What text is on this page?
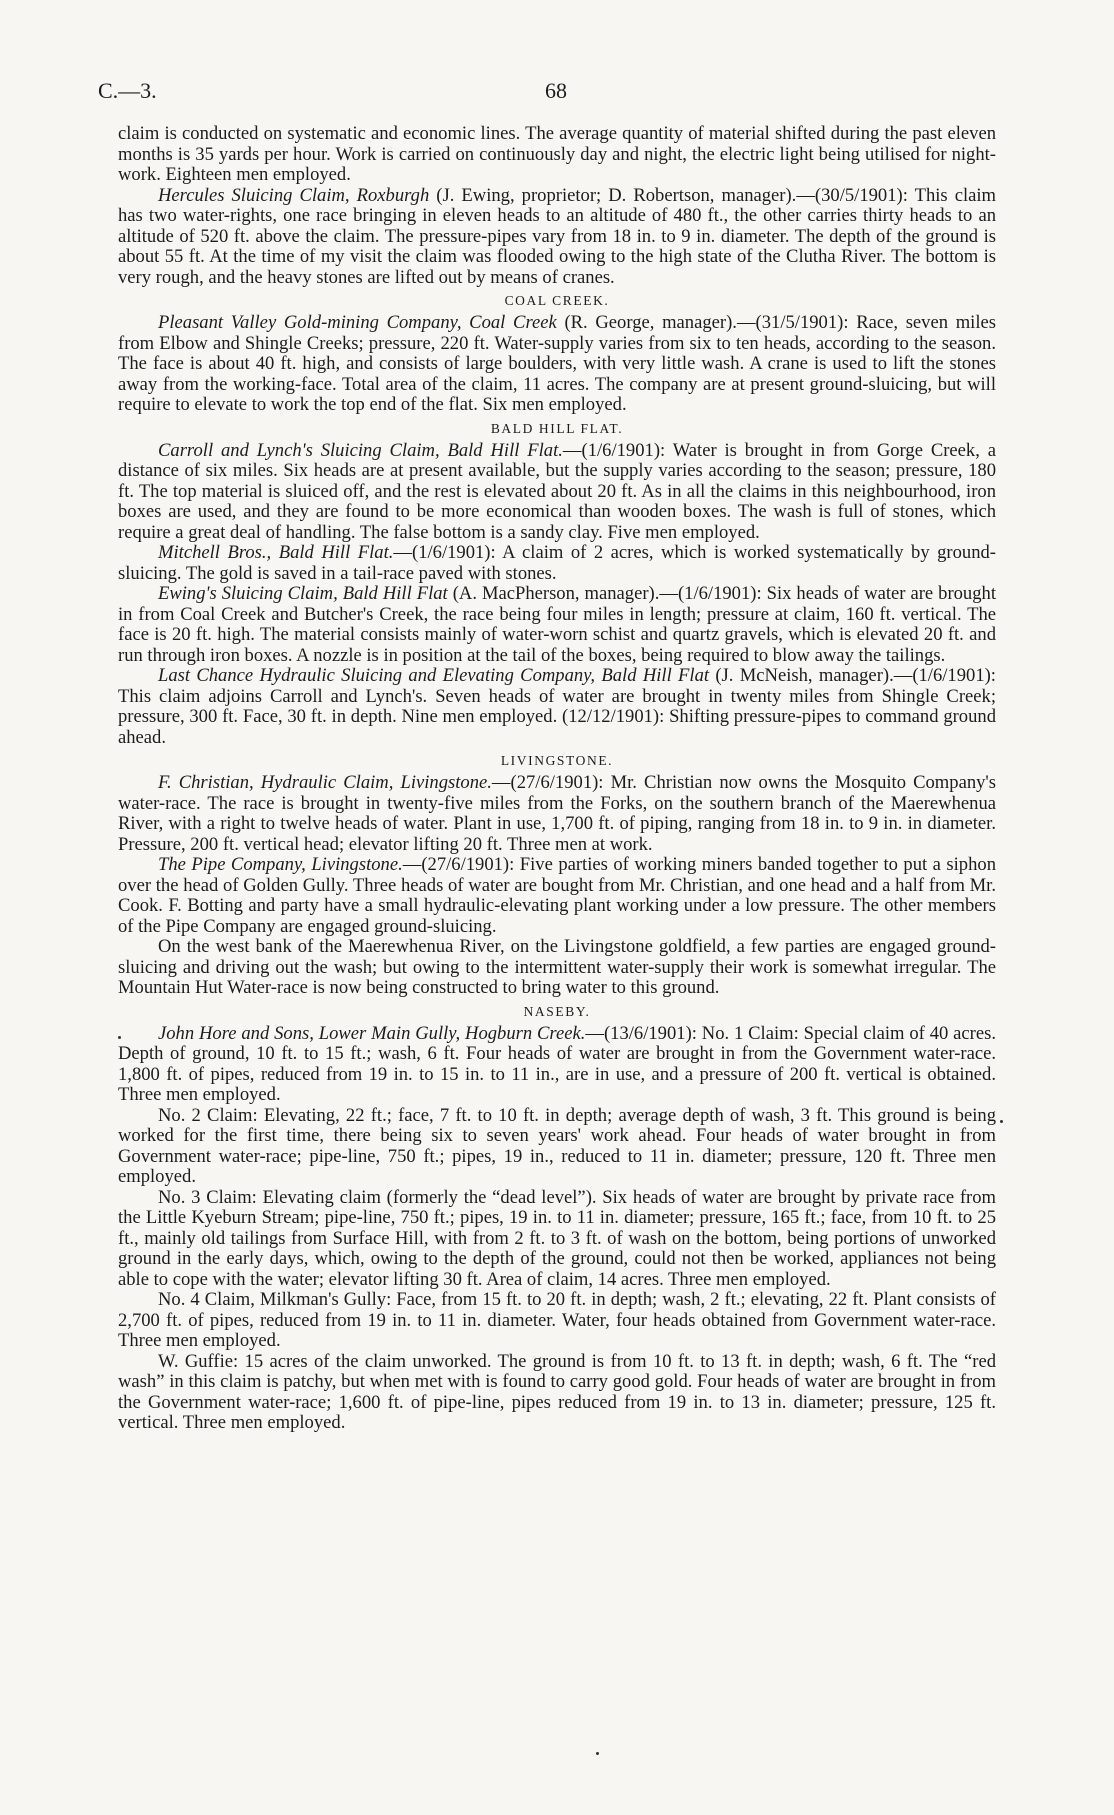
C.—3.	68

claim is conducted on systematic and economic lines. The average quantity of material shifted during the past eleven months is 35 yards per hour. Work is carried on continuously day and night, the electric light being utilised for night-work. Eighteen men employed.

Hercules Sluicing Claim, Roxburgh (J. Ewing, proprietor; D. Robertson, manager).—(30/5/1901): This claim has two water-rights, one race bringing in eleven heads to an altitude of 480 ft., the other carries thirty heads to an altitude of 520 ft. above the claim. The pressure-pipes vary from 18 in. to 9 in. diameter. The depth of the ground is about 55 ft. At the time of my visit the claim was flooded owing to the high state of the Clutha River. The bottom is very rough, and the heavy stones are lifted out by means of cranes.

COAL CREEK.

Pleasant Valley Gold-mining Company, Coal Creek (R. George, manager).—(31/5/1901): Race, seven miles from Elbow and Shingle Creeks; pressure, 220 ft. Water-supply varies from six to ten heads, according to the season. The face is about 40 ft. high, and consists of large boulders, with very little wash. A crane is used to lift the stones away from the working-face. Total area of the claim, 11 acres. The company are at present ground-sluicing, but will require to elevate to work the top end of the flat. Six men employed.

BALD HILL FLAT.

Carroll and Lynch's Sluicing Claim, Bald Hill Flat.—(1/6/1901): Water is brought in from Gorge Creek, a distance of six miles. Six heads are at present available, but the supply varies according to the season; pressure, 180 ft. The top material is sluiced off, and the rest is elevated about 20 ft. As in all the claims in this neighbourhood, iron boxes are used, and they are found to be more economical than wooden boxes. The wash is full of stones, which require a great deal of handling. The false bottom is a sandy clay. Five men employed.

Mitchell Bros., Bald Hill Flat.—(1/6/1901): A claim of 2 acres, which is worked systematically by ground-sluicing. The gold is saved in a tail-race paved with stones.

Ewing's Sluicing Claim, Bald Hill Flat (A. MacPherson, manager).—(1/6/1901): Six heads of water are brought in from Coal Creek and Butcher's Creek, the race being four miles in length; pressure at claim, 160 ft. vertical. The face is 20 ft. high. The material consists mainly of water-worn schist and quartz gravels, which is elevated 20 ft. and run through iron boxes. A nozzle is in position at the tail of the boxes, being required to blow away the tailings.

Last Chance Hydraulic Sluicing and Elevating Company, Bald Hill Flat (J. McNeish, manager).—(1/6/1901): This claim adjoins Carroll and Lynch's. Seven heads of water are brought in twenty miles from Shingle Creek; pressure, 300 ft. Face, 30 ft. in depth. Nine men employed. (12/12/1901): Shifting pressure-pipes to command ground ahead.

LIVINGSTONE.

F. Christian, Hydraulic Claim, Livingstone.—(27/6/1901): Mr. Christian now owns the Mosquito Company's water-race. The race is brought in twenty-five miles from the Forks, on the southern branch of the Maerewhenua River, with a right to twelve heads of water. Plant in use, 1,700 ft. of piping, ranging from 18 in. to 9 in. in diameter. Pressure, 200 ft. vertical head; elevator lifting 20 ft. Three men at work.

The Pipe Company, Livingstone.—(27/6/1901): Five parties of working miners banded together to put a siphon over the head of Golden Gully. Three heads of water are bought from Mr. Christian, and one head and a half from Mr. Cook. F. Botting and party have a small hydraulic-elevating plant working under a low pressure. The other members of the Pipe Company are engaged ground-sluicing.

On the west bank of the Maerewhenua River, on the Livingstone goldfield, a few parties are engaged ground-sluicing and driving out the wash; but owing to the intermittent water-supply their work is somewhat irregular. The Mountain Hut Water-race is now being constructed to bring water to this ground.

NASEBY.

John Hore and Sons, Lower Main Gully, Hogburn Creek.—(13/6/1901): No. 1 Claim: Special claim of 40 acres. Depth of ground, 10 ft. to 15 ft.; wash, 6 ft. Four heads of water are brought in from the Government water-race. 1,800 ft. of pipes, reduced from 19 in. to 15 in. to 11 in., are in use, and a pressure of 200 ft. vertical is obtained. Three men employed.

No. 2 Claim: Elevating, 22 ft.; face, 7 ft. to 10 ft. in depth; average depth of wash, 3 ft. This ground is being worked for the first time, there being six to seven years' work ahead. Four heads of water brought in from Government water-race; pipe-line, 750 ft.; pipes, 19 in., reduced to 11 in. diameter; pressure, 120 ft. Three men employed.

No. 3 Claim: Elevating claim (formerly the “dead level”). Six heads of water are brought by private race from the Little Kyeburn Stream; pipe-line, 750 ft.; pipes, 19 in. to 11 in. diameter; pressure, 165 ft.; face, from 10 ft. to 25 ft., mainly old tailings from Surface Hill, with from 2 ft. to 3 ft. of wash on the bottom, being portions of unworked ground in the early days, which, owing to the depth of the ground, could not then be worked, appliances not being able to cope with the water; elevator lifting 30 ft. Area of claim, 14 acres. Three men employed.

No. 4 Claim, Milkman's Gully: Face, from 15 ft. to 20 ft. in depth; wash, 2 ft.; elevating, 22 ft. Plant consists of 2,700 ft. of pipes, reduced from 19 in. to 11 in. diameter. Water, four heads obtained from Government water-race. Three men employed.

W. Guffie: 15 acres of the claim unworked. The ground is from 10 ft. to 13 ft. in depth; wash, 6 ft. The “red wash” in this claim is patchy, but when met with is found to carry good gold. Four heads of water are brought in from the Government water-race; 1,600 ft. of pipe-line, pipes reduced from 19 in. to 13 in. diameter; pressure, 125 ft. vertical. Three men employed.
